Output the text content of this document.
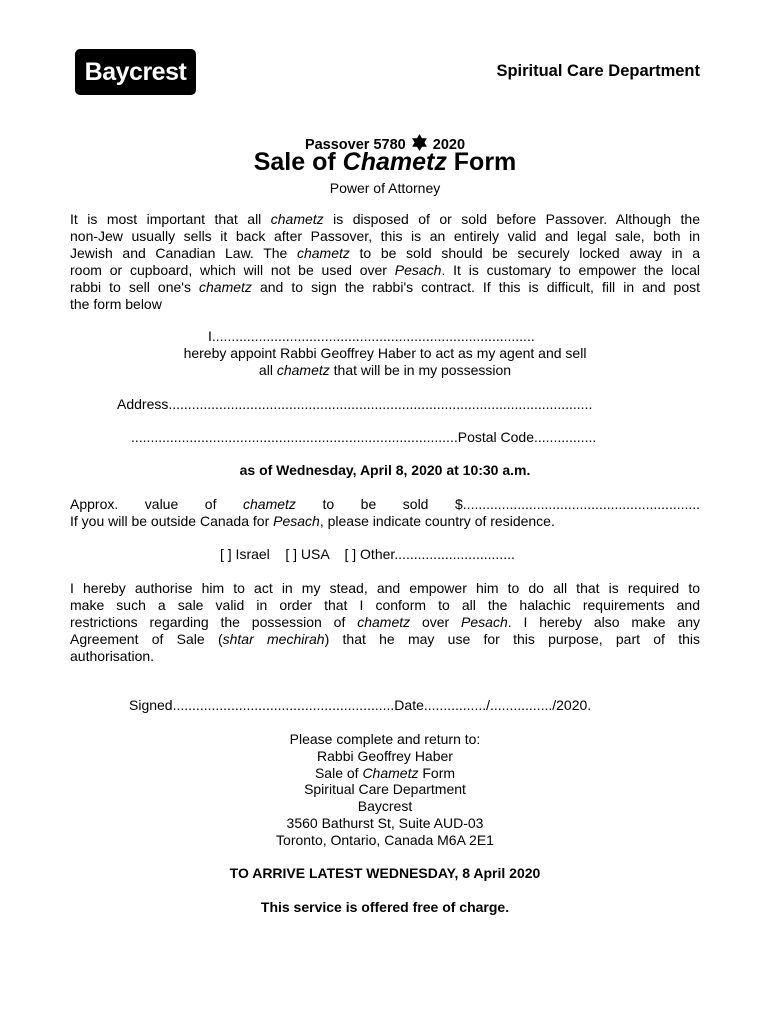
Baycrest	Spiritual Care Department
Passover 5780 2020
Sale of Chametz Form
Power of Attorney
It is most important that all chametz is disposed of or sold before Passover. Although the
non-Jew usually sells it back after Passover, this is an entirely valid and legal sale, both in
Jewish and Canadian Law. The chametz to be sold should be securely locked away in a
room or cupboard, which will not be used over Pesach. It is customary to empower the local
rabbi to sell one's chametz and to sign the rabbi's contract. If this is difficult, fill in and post
the form below
I...................................................................................
hereby appoint Rabbi Geoffrey Haber to act as my agent and sell
all chametz that will be in my possession
Address.............................................................................................................
....................................................................................Postal Code................
as of Wednesday, April 8, 2020 at 10:30 a.m.
Approx. value of chametz to be sold $.............................................................
If you will be outside Canada for Pesach, please indicate country of residence.
[ ] Israel    [ ] USA    [ ] Other...............................
I hereby authorise him to act in my stead, and empower him to do all that is required to
make such a sale valid in order that I conform to all the halachic requirements and
restrictions regarding the possession of chametz over Pesach. I hereby also make any
Agreement of Sale (shtar mechirah) that he may use for this purpose, part of this
authorisation.
Signed.........................................................Date................/................/2020.
Please complete and return to:
Rabbi Geoffrey Haber
Sale of Chametz Form
Spiritual Care Department
Baycrest
3560 Bathurst St, Suite AUD-03
Toronto, Ontario, Canada M6A 2E1
TO ARRIVE LATEST WEDNESDAY, 8 April 2020
This service is offered free of charge.
